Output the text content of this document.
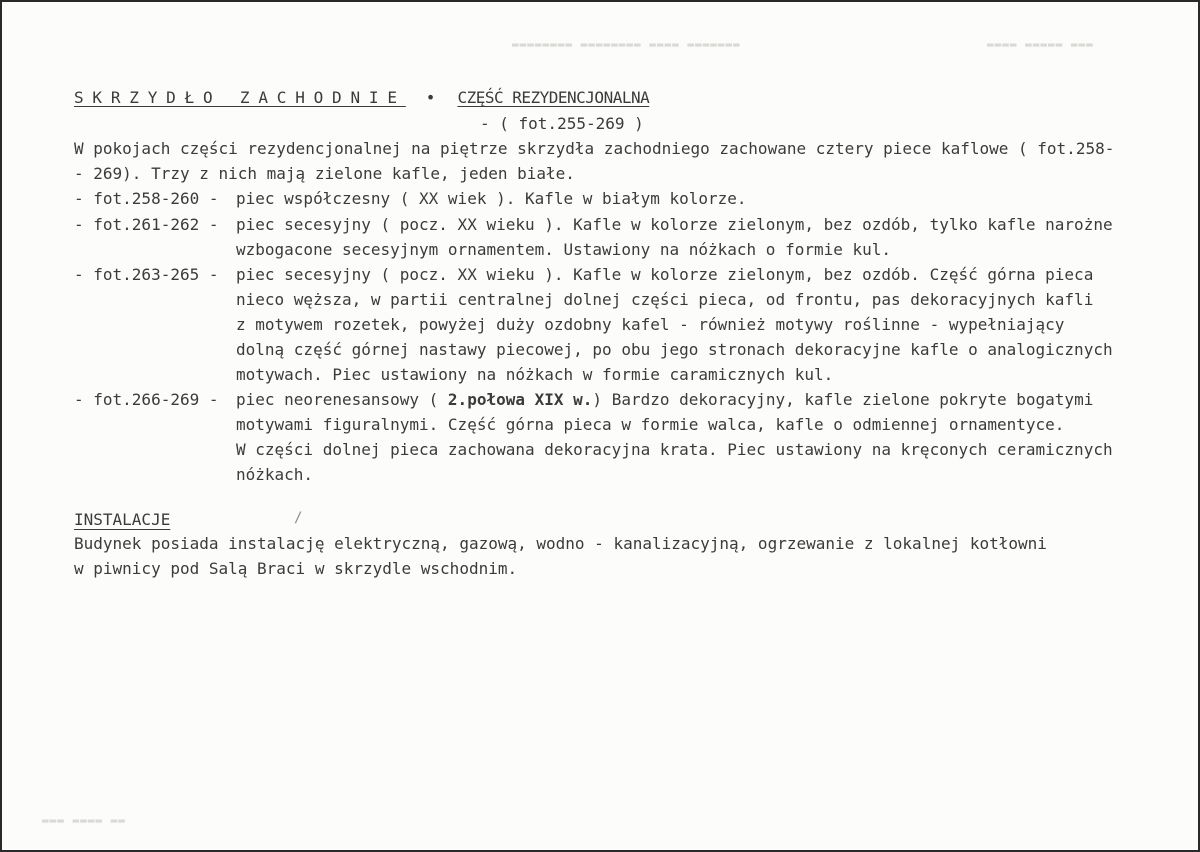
▬▬▬▬▬▬▬▬ ▬▬▬▬▬▬▬▬ ▬▬▬▬ ▬▬▬▬▬▬▬	▬▬▬▬ ▬▬▬▬▬ ▬▬▬
▬▬▬ ▬▬▬▬ ▬▬
SKRZYDŁO ZACHODNIE • CZĘŚĆ REZYDENCJONALNA
- ( fot.255-269 )
W pokojach części rezydencjonalnej na piętrze skrzydła zachodniego zachowane cztery piece kaflowe ( fot.258-
- 269). Trzy z nich mają zielone kafle, jeden białe.
- fot.258-260 - piec współczesny ( XX wiek ). Kafle w białym kolorze.
- fot.261-262 - piec secesyjny ( pocz. XX wieku ). Kafle w kolorze zielonym, bez ozdób, tylko kafle narożne
wzbogacone secesyjnym ornamentem. Ustawiony na nóżkach o formie kul.
- fot.263-265 - piec secesyjny ( pocz. XX wieku ). Kafle w kolorze zielonym, bez ozdób. Część górna pieca
nieco węższa, w partii centralnej dolnej części pieca, od frontu, pas dekoracyjnych kafli
z motywem rozetek, powyżej duży ozdobny kafel - również motywy roślinne - wypełniający
dolną część górnej nastawy piecowej, po obu jego stronach dekoracyjne kafle o analogicznych
motywach. Piec ustawiony na nóżkach w formie caramicznych kul.
- fot.266-269 - piec neorenesansowy ( 2.połowa XIX w.) Bardzo dekoracyjny, kafle zielone pokryte bogatymi
motywami figuralnymi. Część górna pieca w formie walca, kafle o odmiennej ornamentyce.
W części dolnej pieca zachowana dekoracyjna krata. Piec ustawiony na kręconych ceramicznych
nóżkach.
INSTALACJE	/
Budynek posiada instalację elektryczną, gazową, wodno - kanalizacyjną, ogrzewanie z lokalnej kotłowni
w piwnicy pod Salą Braci w skrzydle wschodnim.
